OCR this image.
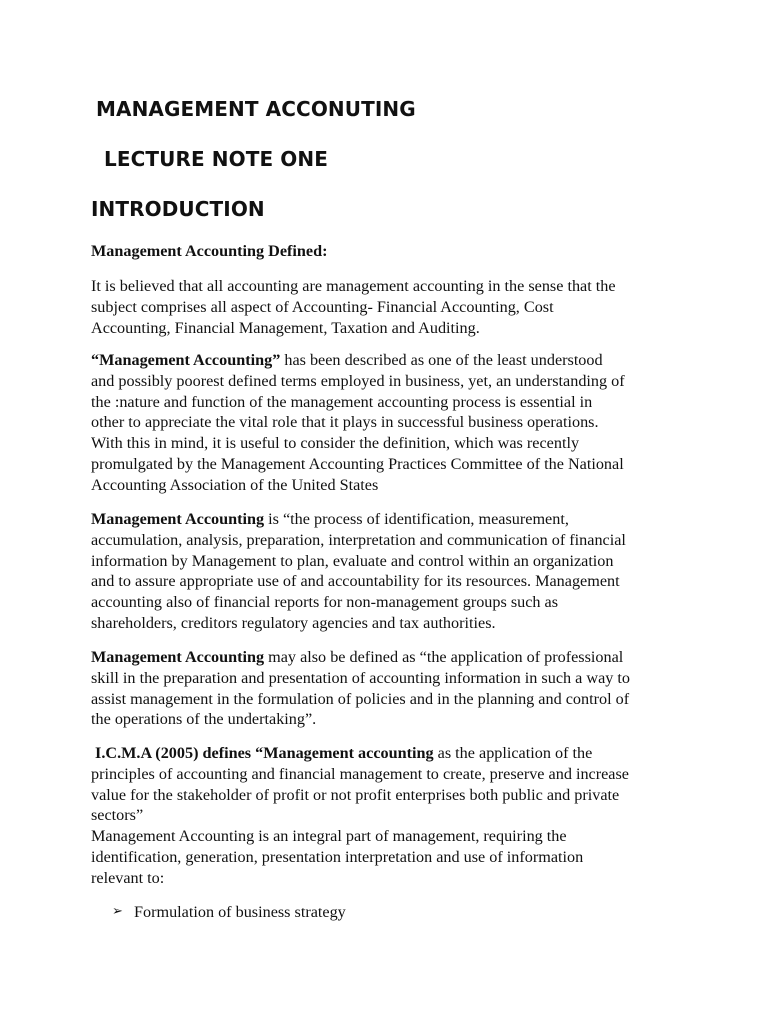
MANAGEMENT ACCONUTING
LECTURE NOTE ONE
INTRODUCTION
Management Accounting Defined:
It is believed that all accounting are management accounting in the sense that the
subject comprises all aspect of Accounting- Financial Accounting, Cost
Accounting, Financial Management, Taxation and Auditing.
“Management Accounting” has been described as one of the least understood
and possibly poorest defined terms employed in business, yet, an understanding of
the :nature and function of the management accounting process is essential in
other to appreciate the vital role that it plays in successful business operations.
With this in mind, it is useful to consider the definition, which was recently
promulgated by the Management Accounting Practices Committee of the National
Accounting Association of the United States
Management Accounting is “the process of identification, measurement,
accumulation, analysis, preparation, interpretation and communication of financial
information by Management to plan, evaluate and control within an organization
and to assure appropriate use of and accountability for its resources. Management
accounting also of financial reports for non-management groups such as
shareholders, creditors regulatory agencies and tax authorities.
Management Accounting may also be defined as “the application of professional
skill in the preparation and presentation of accounting information in such a way to
assist management in the formulation of policies and in the planning and control of
the operations of the undertaking”.
I.C.M.A (2005) defines “Management accounting as the application of the
principles of accounting and financial management to create, preserve and increase
value for the stakeholder of profit or not profit enterprises both public and private
sectors”
Management Accounting is an integral part of management, requiring the
identification, generation, presentation interpretation and use of information
relevant to:
➢ Formulation of business strategy
